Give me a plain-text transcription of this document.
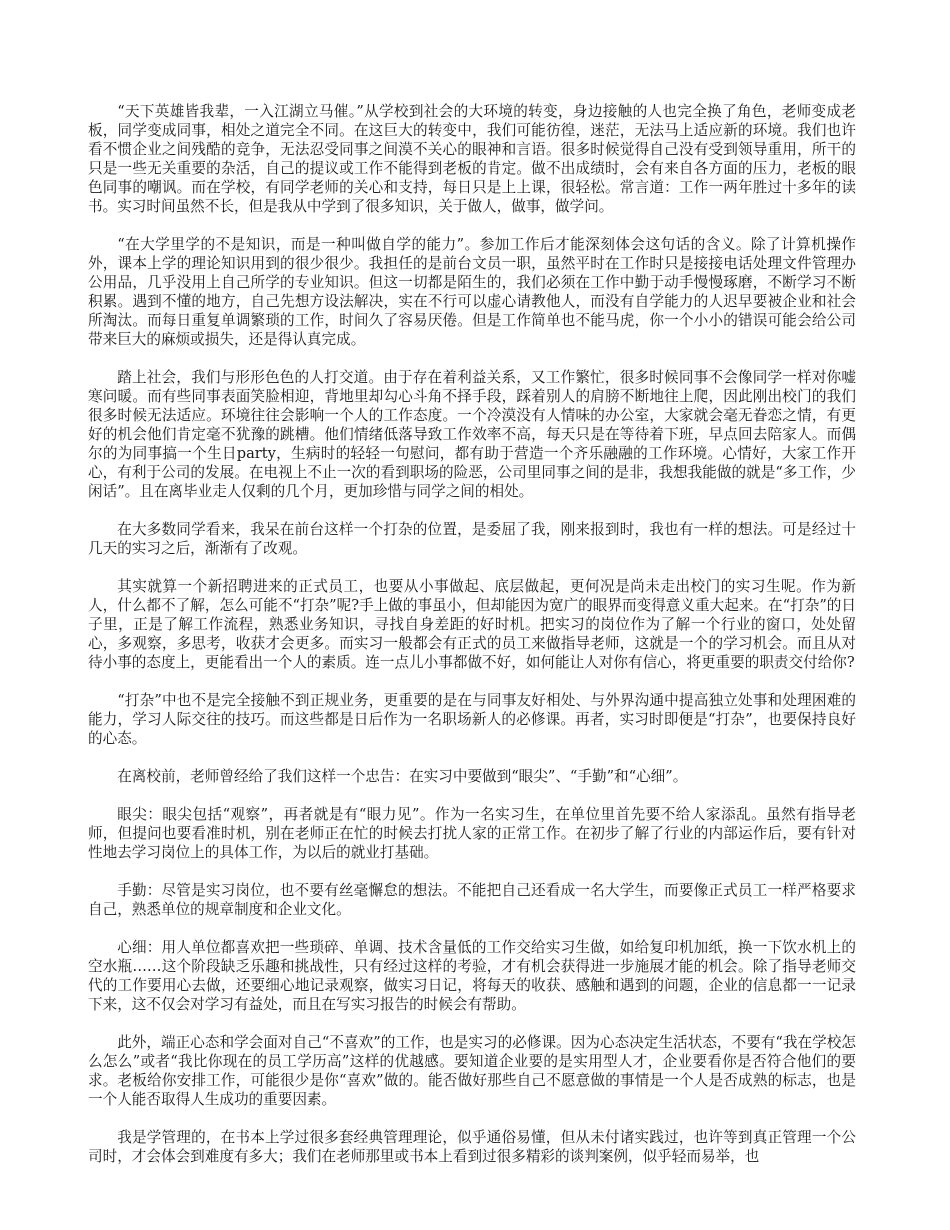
“天下英雄皆我辈，一入江湖立马催。”从学校到社会的大环境的转变，身边接触的人也完全换了角色，老师变成老板，同学变成同事，相处之道完全不同。在这巨大的转变中，我们可能彷徨，迷茫，无法马上适应新的环境。我们也许看不惯企业之间残酷的竞争，无法忍受同事之间漠不关心的眼神和言语。很多时候觉得自己没有受到领导重用，所干的只是一些无关重要的杂活，自己的提议或工作不能得到老板的肯定。做不出成绩时，会有来自各方面的压力，老板的眼色同事的嘲讽。而在学校，有同学老师的关心和支持，每日只是上上课，很轻松。常言道：工作一两年胜过十多年的读书。实习时间虽然不长，但是我从中学到了很多知识，关于做人，做事，做学问。

“在大学里学的不是知识，而是一种叫做自学的能力”。参加工作后才能深刻体会这句话的含义。除了计算机操作外，课本上学的理论知识用到的很少很少。我担任的是前台文员一职，虽然平时在工作时只是接接电话处理文件管理办公用品，几乎没用上自己所学的专业知识。但这一切都是陌生的，我们必须在工作中勤于动手慢慢琢磨，不断学习不断积累。遇到不懂的地方，自己先想方设法解决，实在不行可以虚心请教他人，而没有自学能力的人迟早要被企业和社会所淘汰。而每日重复单调繁琐的工作，时间久了容易厌倦。但是工作简单也不能马虎，你一个小小的错误可能会给公司带来巨大的麻烦或损失，还是得认真完成。

踏上社会，我们与形形色色的人打交道。由于存在着利益关系，又工作繁忙，很多时候同事不会像同学一样对你嘘寒问暖。而有些同事表面笑脸相迎，背地里却勾心斗角不择手段，踩着别人的肩膀不断地往上爬，因此刚出校门的我们很多时候无法适应。环境往往会影响一个人的工作态度。一个冷漠没有人情味的办公室，大家就会毫无眷恋之情，有更好的机会他们肯定毫不犹豫的跳槽。他们情绪低落导致工作效率不高，每天只是在等待着下班，早点回去陪家人。而偶尔的为同事搞一个生日party，生病时的轻轻一句慰问，都有助于营造一个齐乐融融的工作环境。心情好，大家工作开心，有利于公司的发展。在电视上不止一次的看到职场的险恶，公司里同事之间的是非，我想我能做的就是“多工作，少闲话”。且在离毕业走人仅剩的几个月，更加珍惜与同学之间的相处。

在大多数同学看来，我呆在前台这样一个打杂的位置，是委屈了我，刚来报到时，我也有一样的想法。可是经过十几天的实习之后，渐渐有了改观。

其实就算一个新招聘进来的正式员工，也要从小事做起、底层做起，更何况是尚未走出校门的实习生呢。作为新人，什么都不了解，怎么可能不“打杂”呢?手上做的事虽小，但却能因为宽广的眼界而变得意义重大起来。在“打杂”的日子里，正是了解工作流程，熟悉业务知识，寻找自身差距的好时机。把实习的岗位作为了解一个行业的窗口，处处留心，多观察，多思考，收获才会更多。而实习一般都会有正式的员工来做指导老师，这就是一个的学习机会。而且从对待小事的态度上，更能看出一个人的素质。连一点儿小事都做不好，如何能让人对你有信心，将更重要的职责交付给你?

“打杂”中也不是完全接触不到正规业务，更重要的是在与同事友好相处、与外界沟通中提高独立处事和处理困难的能力，学习人际交往的技巧。而这些都是日后作为一名职场新人的必修课。再者，实习时即便是“打杂”，也要保持良好的心态。

在离校前，老师曾经给了我们这样一个忠告：在实习中要做到“眼尖”、“手勤”和“心细”。

眼尖：眼尖包括“观察”，再者就是有“眼力见”。作为一名实习生，在单位里首先要不给人家添乱。虽然有指导老师，但提问也要看准时机，别在老师正在忙的时候去打扰人家的正常工作。在初步了解了行业的内部运作后，要有针对性地去学习岗位上的具体工作，为以后的就业打基础。

手勤：尽管是实习岗位，也不要有丝毫懈怠的想法。不能把自己还看成一名大学生，而要像正式员工一样严格要求自己，熟悉单位的规章制度和企业文化。

心细：用人单位都喜欢把一些琐碎、单调、技术含量低的工作交给实习生做，如给复印机加纸，换一下饮水机上的空水瓶……这个阶段缺乏乐趣和挑战性，只有经过这样的考验，才有机会获得进一步施展才能的机会。除了指导老师交代的工作要用心去做，还要细心地记录观察，做实习日记，将每天的收获、感触和遇到的问题，企业的信息都一一记录下来，这不仅会对学习有益处，而且在写实习报告的时候会有帮助。

此外，端正心态和学会面对自己“不喜欢”的工作，也是实习的必修课。因为心态决定生活状态，不要有“我在学校怎么怎么”或者“我比你现在的员工学历高”这样的优越感。要知道企业要的是实用型人才，企业要看你是否符合他们的要求。老板给你安排工作，可能很少是你“喜欢”做的。能否做好那些自己不愿意做的事情是一个人是否成熟的标志，也是一个人能否取得人生成功的重要因素。

我是学管理的，在书本上学过很多套经典管理理论，似乎通俗易懂，但从未付诸实践过，也许等到真正管理一个公司时，才会体会到难度有多大；我们在老师那里或书本上看到过很多精彩的谈判案例，似乎轻而易举，也
